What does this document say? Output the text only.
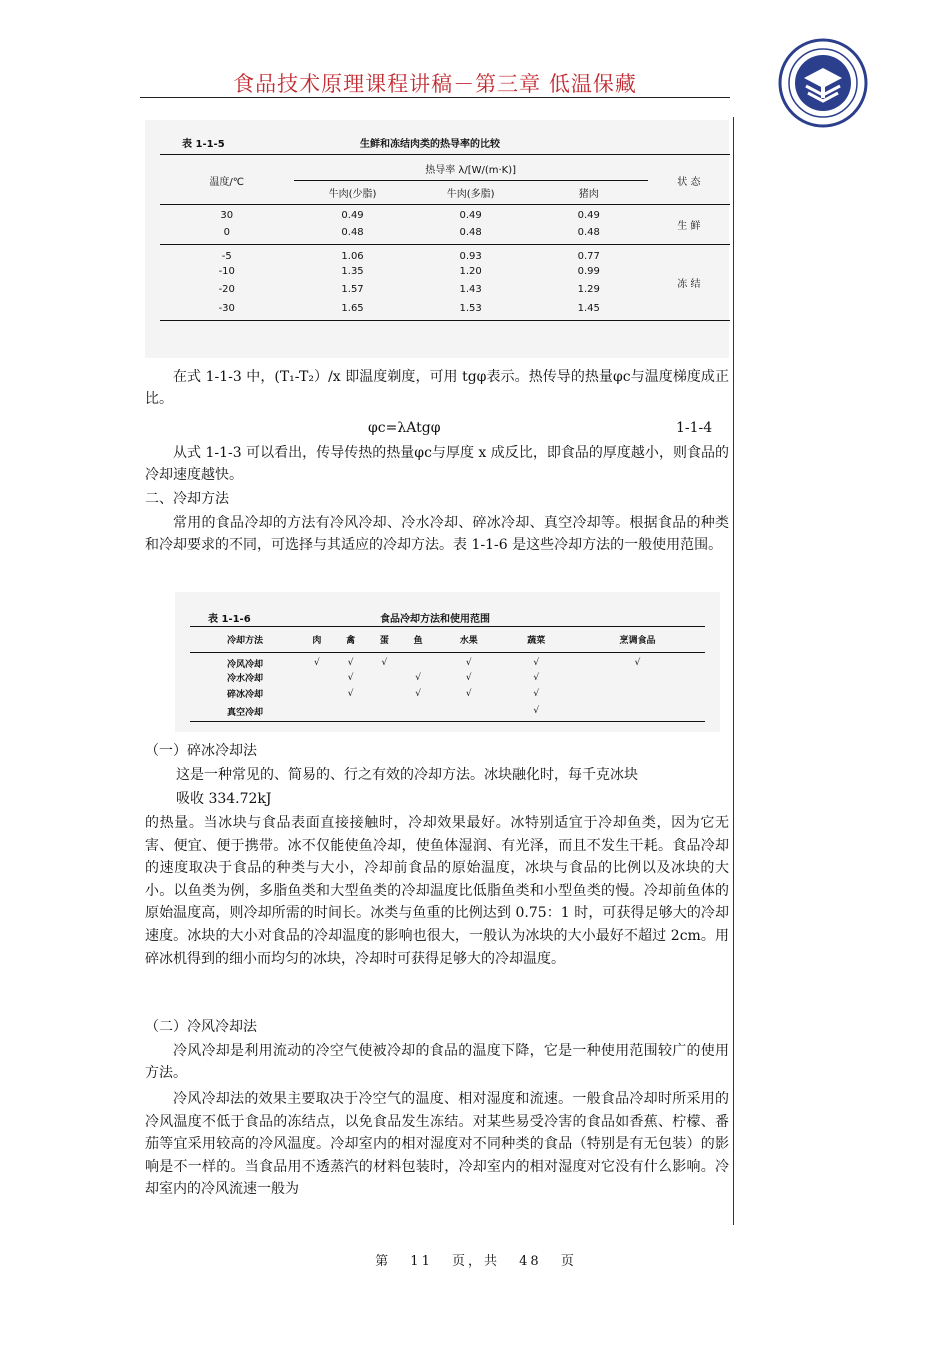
食品技术原理课程讲稿－第三章 低温保藏
表 1-1-5	生鲜和冻结肉类的热导率的比较
温度/℃	热导率 λ/[W/(m·K)]			状 态
	牛肉(少脂)	牛肉(多脂)	猪肉	
30	0.49	0.49	0.49	生 鲜
0	0.48	0.48	0.48	
-5	1.06	0.93	0.77	冻 结
-10	1.35	1.20	0.99	
-20	1.57	1.43	1.29	
-30	1.65	1.53	1.45	
在式 1-1-3 中，(T₁-T₂）/x 即温度剃度，可用 tgφ表示。热传导的热量φc与温度梯度成正比。
φc=λAtgφ	1-1-4
从式 1-1-3 可以看出，传导传热的热量φc与厚度 x 成反比，即食品的厚度越小，则食品的冷却速度越快。
二、冷却方法
常用的食品冷却的方法有冷风冷却、冷水冷却、碎冰冷却、真空冷却等。根据食品的种类和冷却要求的不同，可选择与其适应的冷却方法。表 1-1-6 是这些冷却方法的一般使用范围。
表 1-1-6	食品冷却方法和使用范围
冷却方法	肉	禽	蛋	鱼	水果	蔬菜	烹调食品
冷风冷却	√	√	√		√	√	√
冷水冷却		√		√	√	√	
碎冰冷却		√		√	√	√	
真空冷却						√	
（一）碎冰冷却法
这是一种常见的、简易的、行之有效的冷却方法。冰块融化时，每千克冰块
吸收 334.72kJ
的热量。当冰块与食品表面直接接触时，冷却效果最好。冰特别适宜于冷却鱼类，因为它无害、便宜、便于携带。冰不仅能使鱼冷却，使鱼体湿润、有光泽，而且不发生干耗。食品冷却的速度取决于食品的种类与大小，冷却前食品的原始温度，冰块与食品的比例以及冰块的大小。以鱼类为例，多脂鱼类和大型鱼类的冷却温度比低脂鱼类和小型鱼类的慢。冷却前鱼体的原始温度高，则冷却所需的时间长。冰类与鱼重的比例达到 0.75：1 时，可获得足够大的冷却速度。冰块的大小对食品的冷却温度的影响也很大，一般认为冰块的大小最好不超过 2cm。用碎冰机得到的细小而均匀的冰块，冷却时可获得足够大的冷却温度。
（二）冷风冷却法
冷风冷却是利用流动的冷空气使被冷却的食品的温度下降，它是一种使用范围较广的使用方法。
冷风冷却法的效果主要取决于冷空气的温度、相对湿度和流速。一般食品冷却时所采用的冷风温度不低于食品的冻结点，以免食品发生冻结。对某些易受冷害的食品如香蕉、柠檬、番茄等宜采用较高的冷风温度。冷却室内的相对湿度对不同种类的食品（特别是有无包装）的影响是不一样的。当食品用不透蒸汽的材料包装时，冷却室内的相对湿度对它没有什么影响。冷却室内的冷风流速一般为
第 11 页，共 48 页
